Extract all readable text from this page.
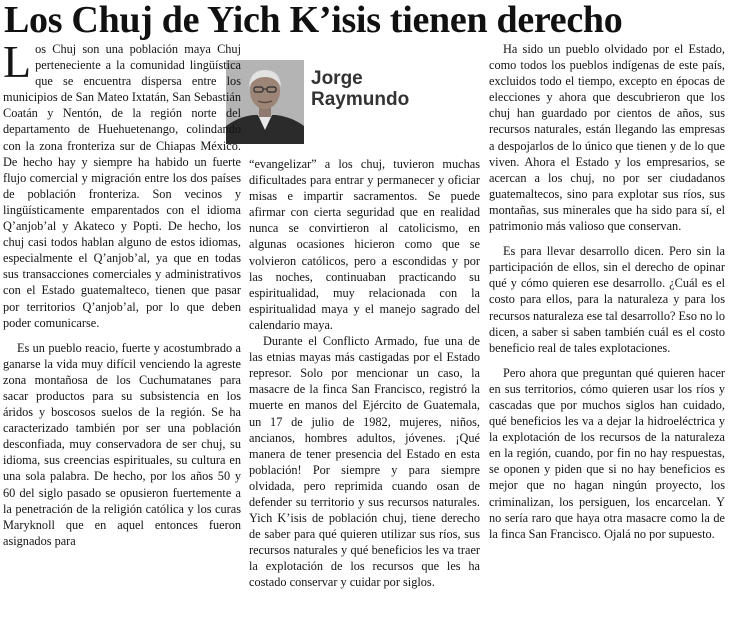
Los Chuj de Yich K’isis tienen derecho
Jorge
Raymundo

Los Chuj son una población maya Chuj perteneciente a la comunidad lingüística que se encuentra dispersa entre los municipios de San Mateo Ixtatán, San Sebastián Coatán y Nentón, de la región norte del departamento de Huehuetenango, colindando con la zona fronteriza sur de Chiapas México. De hecho hay y siempre ha habido un fuerte flujo comercial y migración entre los dos países de población fronteriza. Son vecinos y lingüísticamente emparentados con el idioma Q’anjob’al y Akateco y Popti. De hecho, los chuj casi todos hablan alguno de estos idiomas, especialmente el Q’anjob’al, ya que en todas sus transacciones comerciales y administrativos con el Estado guatemalteco, tienen que pasar por territorios Q’anjob’al, por lo que deben poder comunicarse.

Es un pueblo reacio, fuerte y acostumbrado a ganarse la vida muy difícil venciendo la agreste zona montañosa de los Cuchumatanes para sacar productos para su subsistencia en los áridos y boscosos suelos de la región. Se ha caracterizado también por ser una población desconfiada, muy conservadora de ser chuj, su idioma, sus creencias espirituales, su cultura en una sola palabra. De hecho, por los años 50 y 60 del siglo pasado se opusieron fuertemente a la penetración de la religión católica y los curas Maryknoll que en aquel entonces fueron asignados para

“evangelizar” a los chuj, tuvieron muchas dificultades para entrar y permanecer y oficiar misas e impartir sacramentos. Se puede afirmar con cierta seguridad que en realidad nunca se convirtieron al catolicismo, en algunas ocasiones hicieron como que se volvieron católicos, pero a escondidas y por las noches, continuaban practicando su espiritualidad, muy relacionada con la espiritualidad maya y el manejo sagrado del calendario maya.

Durante el Conflicto Armado, fue una de las etnias mayas más castigadas por el Estado represor. Solo por mencionar un caso, la masacre de la finca San Francisco, registró la muerte en manos del Ejército de Guatemala, un 17 de julio de 1982, mujeres, niños, ancianos, hombres adultos, jóvenes. ¡Qué manera de tener presencia del Estado en esta población! Por siempre y para siempre olvidada, pero reprimida cuando osan de defender su territorio y sus recursos naturales. Yich K’isis de población chuj, tiene derecho de saber para qué quieren utilizar sus ríos, sus recursos naturales y qué beneficios les va traer la explotación de los recursos que les ha costado conservar y cuidar por siglos.

Ha sido un pueblo olvidado por el Estado, como todos los pueblos indígenas de este país, excluidos todo el tiempo, excepto en épocas de elecciones y ahora que descubrieron que los chuj han guardado por cientos de años, sus recursos naturales, están llegando las empresas a despojarlos de lo único que tienen y de lo que viven. Ahora el Estado y los empresarios, se acercan a los chuj, no por ser ciudadanos guatemaltecos, sino para explotar sus ríos, sus montañas, sus minerales que ha sido para sí, el patrimonio más valioso que conservan.

Es para llevar desarrollo dicen. Pero sin la participación de ellos, sin el derecho de opinar qué y cómo quieren ese desarrollo. ¿Cuál es el costo para ellos, para la naturaleza y para los recursos naturaleza ese tal desarrollo? Eso no lo dicen, a saber si saben también cuál es el costo beneficio real de tales explotaciones.

Pero ahora que preguntan qué quieren hacer en sus territorios, cómo quieren usar los ríos y cascadas que por muchos siglos han cuidado, qué beneficios les va a dejar la hidroeléctrica y la explotación de los recursos de la naturaleza en la región, cuando, por fin no hay respuestas, se oponen y piden que si no hay beneficios es mejor que no hagan ningún proyecto, los criminalizan, los persiguen, los encarcelan. Y no sería raro que haya otra masacre como la de la finca San Francisco. Ojalá no por supuesto.
